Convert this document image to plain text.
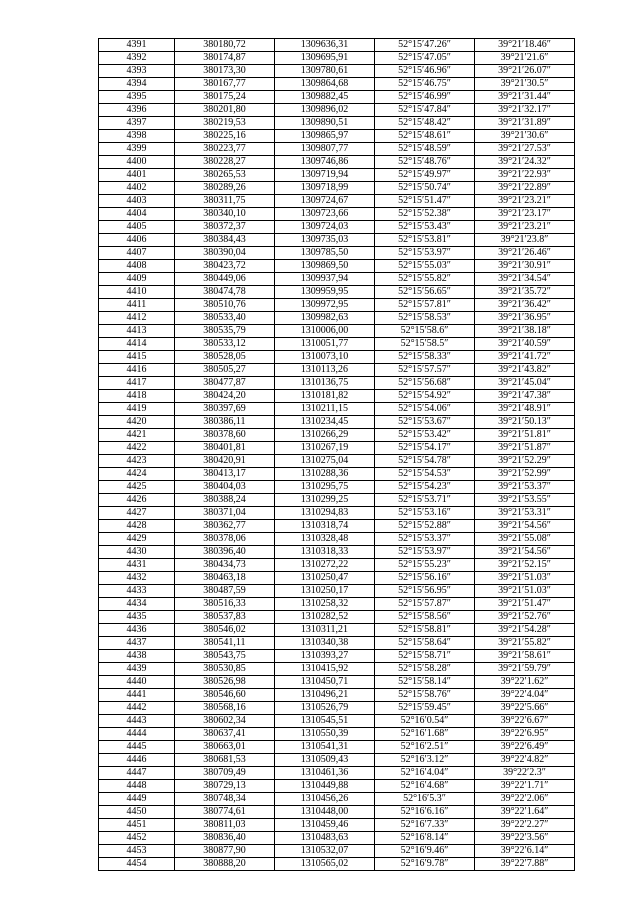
4391	380180,72	1309636,31	52°15′47.26″	39°21′18.46″
4392	380174,87	1309695,91	52°15′47.05″	39°21′21.6″
4393	380173,30	1309780,61	52°15′46.96″	39°21′26.07″
4394	380167,77	1309864,68	52°15′46.75″	39°21′30.5″
4395	380175,24	1309882,45	52°15′46.99″	39°21′31.44″
4396	380201,80	1309896,02	52°15′47.84″	39°21′32.17″
4397	380219,53	1309890,51	52°15′48.42″	39°21′31.89″
4398	380225,16	1309865,97	52°15′48.61″	39°21′30.6″
4399	380223,77	1309807,77	52°15′48.59″	39°21′27.53″
4400	380228,27	1309746,86	52°15′48.76″	39°21′24.32″
4401	380265,53	1309719,94	52°15′49.97″	39°21′22.93″
4402	380289,26	1309718,99	52°15′50.74″	39°21′22.89″
4403	380311,75	1309724,67	52°15′51.47″	39°21′23.21″
4404	380340,10	1309723,66	52°15′52.38″	39°21′23.17″
4405	380372,37	1309724,03	52°15′53.43″	39°21′23.21″
4406	380384,43	1309735,03	52°15′53.81″	39°21′23.8″
4407	380390,04	1309785,50	52°15′53.97″	39°21′26.46″
4408	380423,72	1309869,50	52°15′55.03″	39°21′30.91″
4409	380449,06	1309937,94	52°15′55.82″	39°21′34.54″
4410	380474,78	1309959,95	52°15′56.65″	39°21′35.72″
4411	380510,76	1309972,95	52°15′57.81″	39°21′36.42″
4412	380533,40	1309982,63	52°15′58.53″	39°21′36.95″
4413	380535,79	1310006,00	52°15′58.6″	39°21′38.18″
4414	380533,12	1310051,77	52°15′58.5″	39°21′40.59″
4415	380528,05	1310073,10	52°15′58.33″	39°21′41.72″
4416	380505,27	1310113,26	52°15′57.57″	39°21′43.82″
4417	380477,87	1310136,75	52°15′56.68″	39°21′45.04″
4418	380424,20	1310181,82	52°15′54.92″	39°21′47.38″
4419	380397,69	1310211,15	52°15′54.06″	39°21′48.91″
4420	380386,11	1310234,45	52°15′53.67″	39°21′50.13″
4421	380378,60	1310266,29	52°15′53.42″	39°21′51.81″
4422	380401,81	1310267,19	52°15′54.17″	39°21′51.87″
4423	380420,91	1310275,04	52°15′54.78″	39°21′52.29″
4424	380413,17	1310288,36	52°15′54.53″	39°21′52.99″
4425	380404,03	1310295,75	52°15′54.23″	39°21′53.37″
4426	380388,24	1310299,25	52°15′53.71″	39°21′53.55″
4427	380371,04	1310294,83	52°15′53.16″	39°21′53.31″
4428	380362,77	1310318,74	52°15′52.88″	39°21′54.56″
4429	380378,06	1310328,48	52°15′53.37″	39°21′55.08″
4430	380396,40	1310318,33	52°15′53.97″	39°21′54.56″
4431	380434,73	1310272,22	52°15′55.23″	39°21′52.15″
4432	380463,18	1310250,47	52°15′56.16″	39°21′51.03″
4433	380487,59	1310250,17	52°15′56.95″	39°21′51.03″
4434	380516,33	1310258,32	52°15′57.87″	39°21′51.47″
4435	380537,83	1310282,52	52°15′58.56″	39°21′52.76″
4436	380546,02	1310311,21	52°15′58.81″	39°21′54.28″
4437	380541,11	1310340,38	52°15′58.64″	39°21′55.82″
4438	380543,75	1310393,27	52°15′58.71″	39°21′58.61″
4439	380530,85	1310415,92	52°15′58.28″	39°21′59.79″
4440	380526,98	1310450,71	52°15′58.14″	39°22′1.62″
4441	380546,60	1310496,21	52°15′58.76″	39°22′4.04″
4442	380568,16	1310526,79	52°15′59.45″	39°22′5.66″
4443	380602,34	1310545,51	52°16′0.54″	39°22′6.67″
4444	380637,41	1310550,39	52°16′1.68″	39°22′6.95″
4445	380663,01	1310541,31	52°16′2.51″	39°22′6.49″
4446	380681,53	1310509,43	52°16′3.12″	39°22′4.82″
4447	380709,49	1310461,36	52°16′4.04″	39°22′2.3″
4448	380729,13	1310449,88	52°16′4.68″	39°22′1.71″
4449	380748,34	1310456,26	52°16′5.3″	39°22′2.06″
4450	380774,61	1310448,00	52°16′6.16″	39°22′1.64″
4451	380811,03	1310459,46	52°16′7.33″	39°22′2.27″
4452	380836,40	1310483,63	52°16′8.14″	39°22′3.56″
4453	380877,90	1310532,07	52°16′9.46″	39°22′6.14″
4454	380888,20	1310565,02	52°16′9.78″	39°22′7.88″
